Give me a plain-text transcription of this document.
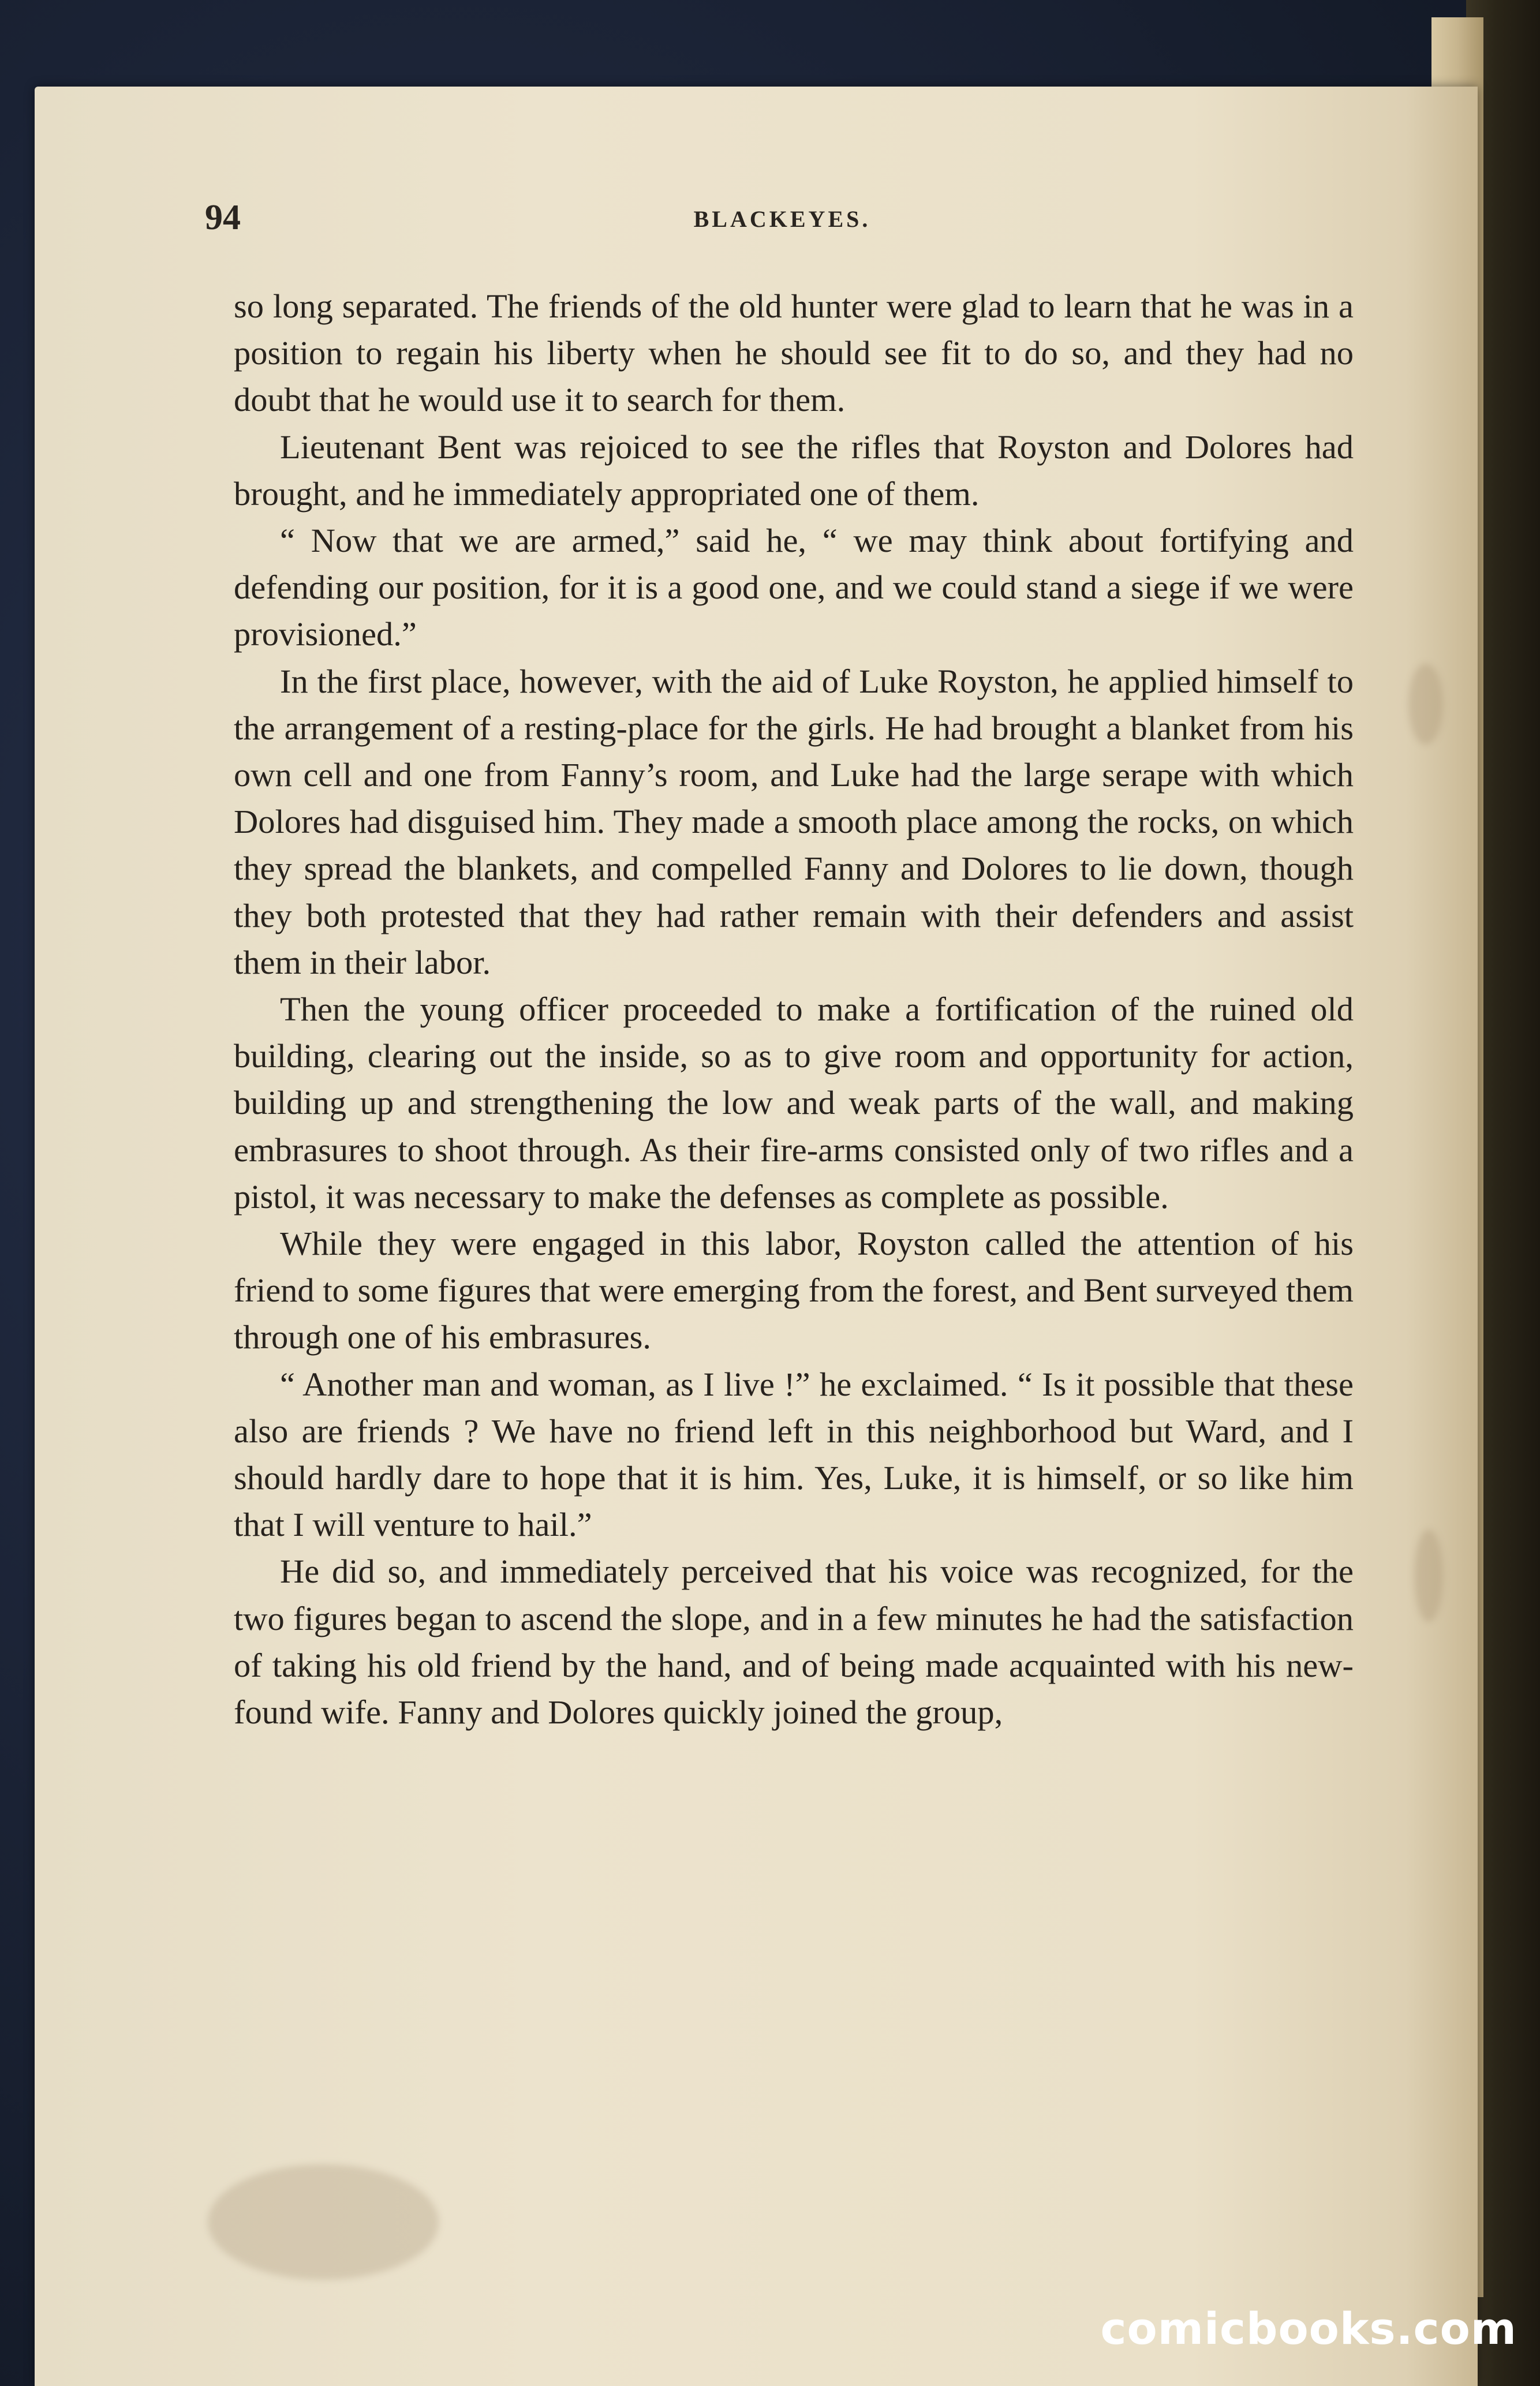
94	BLACKEYES.

so long separated. The friends of the old hunter were glad to learn that he was in a position to regain his liberty when he should see fit to do so, and they had no doubt that he would use it to search for them.

Lieutenant Bent was rejoiced to see the rifles that Royston and Dolores had brought, and he immediately appropriated one of them.

“ Now that we are armed,” said he, “ we may think about fortifying and defending our position, for it is a good one, and we could stand a siege if we were provisioned.”

In the first place, however, with the aid of Luke Royston, he applied himself to the arrangement of a resting-place for the girls. He had brought a blanket from his own cell and one from Fanny’s room, and Luke had the large serape with which Dolores had disguised him. They made a smooth place among the rocks, on which they spread the blankets, and compelled Fanny and Dolores to lie down, though they both protested that they had rather remain with their defenders and assist them in their labor.

Then the young officer proceeded to make a fortification of the ruined old building, clearing out the inside, so as to give room and opportunity for action, building up and strengthening the low and weak parts of the wall, and making embrasures to shoot through. As their fire-arms consisted only of two rifles and a pistol, it was necessary to make the defenses as complete as possible.

While they were engaged in this labor, Royston called the attention of his friend to some figures that were emerging from the forest, and Bent surveyed them through one of his embrasures.

“ Another man and woman, as I live !” he exclaimed. “ Is it possible that these also are friends ? We have no friend left in this neighborhood but Ward, and I should hardly dare to hope that it is him. Yes, Luke, it is himself, or so like him that I will venture to hail.”

He did so, and immediately perceived that his voice was recognized, for the two figures began to ascend the slope, and in a few minutes he had the satisfaction of taking his old friend by the hand, and of being made acquainted with his new-found wife. Fanny and Dolores quickly joined the group,

comicbooks.com
